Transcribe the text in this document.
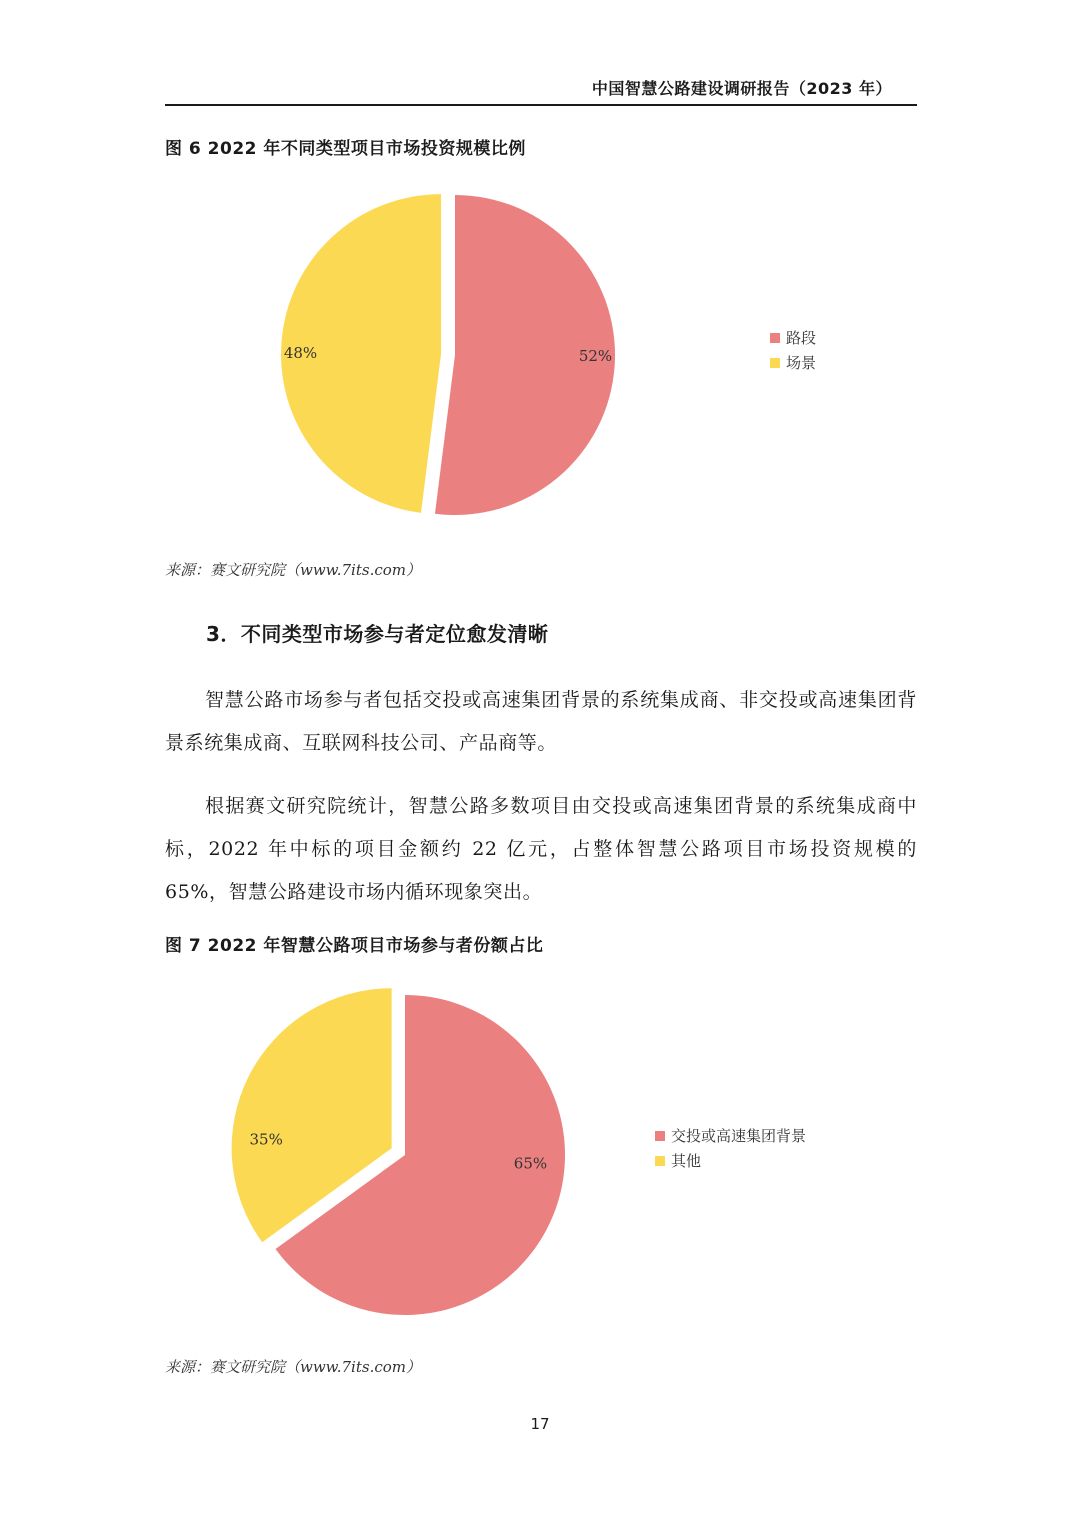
中国智慧公路建设调研报告（2023 年）
图 6 2022 年不同类型项目市场投资规模比例
52%
48%
路段
场景
来源：赛文研究院（www.7its.com）
3．不同类型市场参与者定位愈发清晰

智慧公路市场参与者包括交投或高速集团背景的系统集成商、非交投或高速集团背景系统集成商、互联网科技公司、产品商等。

根据赛文研究院统计，智慧公路多数项目由交投或高速集团背景的系统集成商中标，2022 年中标的项目金额约 22 亿元，占整体智慧公路项目市场投资规模的 65%，智慧公路建设市场内循环现象突出。

图 7 2022 年智慧公路项目市场参与者份额占比
65%
35%	交投或高速集团背景
其他
来源：赛文研究院（www.7its.com）
17
